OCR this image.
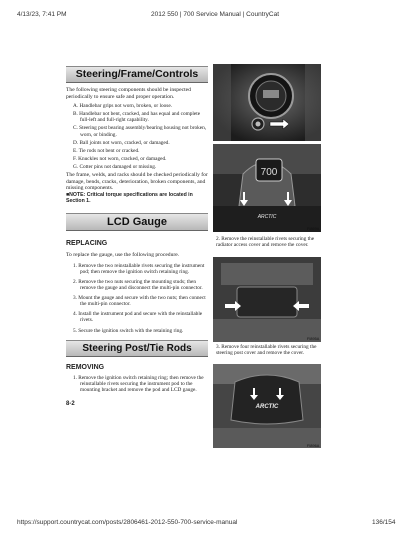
4/13/23, 7:41 PM	2012 550 | 700 Service Manual | CountryCat
Steering/Frame/Controls

The following steering components should be inspected periodically to ensure safe and proper operation.

A. Handlebar grips not worn, broken, or loose.

B. Handlebar not bent, cracked, and has equal and complete full-left and full-right capability.

C. Steering post bearing assembly/bearing housing not broken, worn, or binding.

D. Ball joints not worn, cracked, or damaged.

E. Tie rods not bent or cracked.

F. Knuckles not worn, cracked, or damaged.

G. Cotter pins not damaged or missing.

The frame, welds, and racks should be checked periodically for damage, bends, cracks, deterioration, broken components, and missing components.

■NOTE: Critical torque specifications are located in Section 1.

LCD Gauge

REPLACING

To replace the gauge, use the following procedure.

1. Remove the two reinstallable rivets securing the instrument pod; then remove the ignition switch retaining ring.

2. Remove the two nuts securing the mounting studs; then remove the gauge and disconnect the multi-pin connector.

3. Mount the gauge and secure with the two nuts; then connect the multi-pin connector.

4. Install the instrument pod and secure with the reinstallable rivets.

5. Secure the ignition switch with the retaining ring.

Steering Post/Tie Rods

REMOVING

1. Remove the ignition switch retaining ring; then remove the reinstallable rivets securing the instrument pod to the mounting bracket and remove the pod and LCD gauge.

8-2

700
ARCTIC
FI869A

2. Remove the reinstallable rivets securing the radiator access cover and remove the cover.

FI895A

3. Remove four reinstallable rivets securing the steering post cover and remove the cover.

ARCTIC
FI896A
https://support.countrycat.com/posts/2806461-2012-550-700-service-manual	136/154
